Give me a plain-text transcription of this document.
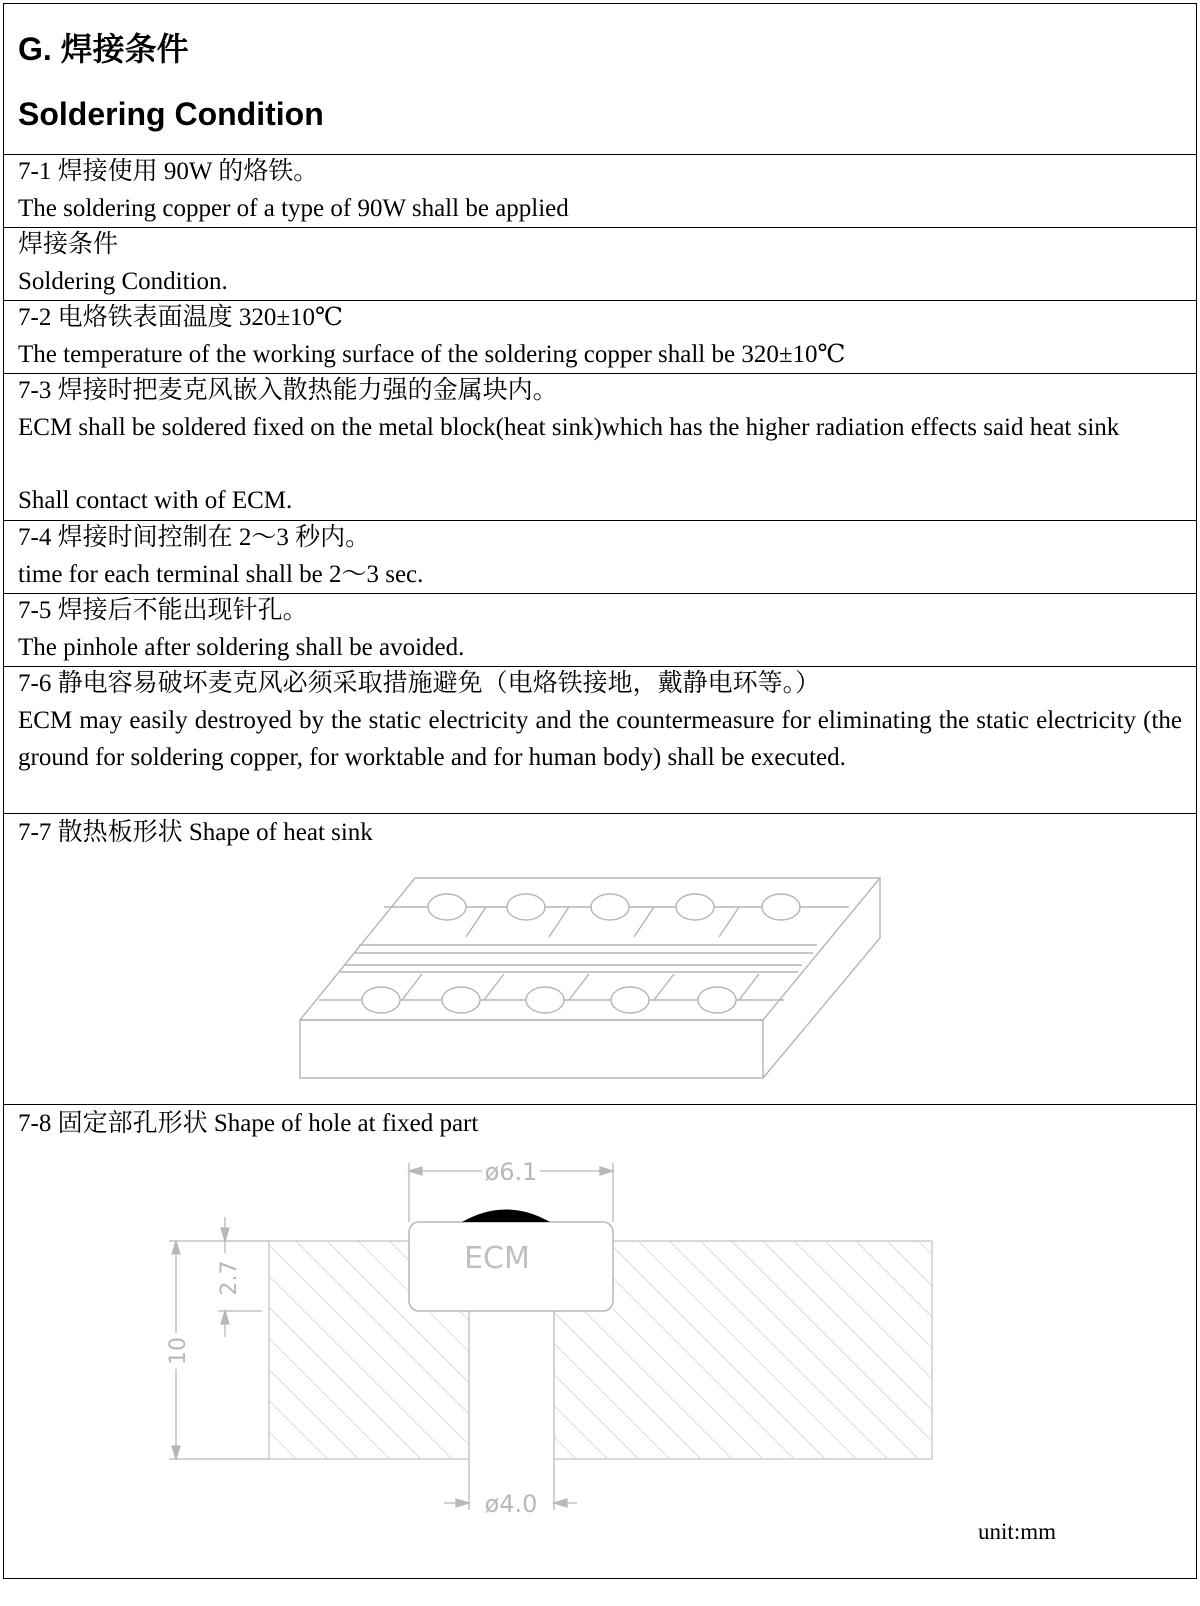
G. 焊接条件
Soldering Condition
7-1 焊接使用 90W 的烙铁。
The soldering copper of a type of 90W shall be applied
焊接条件
Soldering Condition.
7-2 电烙铁表面温度 320±10℃
The temperature of the working surface of the soldering copper shall be 320±10℃
7-3 焊接时把麦克风嵌入散热能力强的金属块内。
ECM shall be soldered fixed on the metal block(heat sink)which has the higher radiation effects said heat sink
Shall contact with of ECM.
7-4 焊接时间控制在 2～3 秒内。
time for each terminal shall be 2～3 sec.
7-5 焊接后不能出现针孔。
The pinhole after soldering shall be avoided.
7-6 静电容易破坏麦克风必须采取措施避免（电烙铁接地，戴静电环等。）
ECM may easily destroyed by the static electricity and the countermeasure for eliminating the static electricity (the ground for soldering copper, for worktable and for human body) shall be executed.
7-7 散热板形状 Shape of heat sink
7-8 固定部孔形状 Shape of hole at fixed part
ECM
ø6.1
ø4.0
10
2.7
unit:mm
